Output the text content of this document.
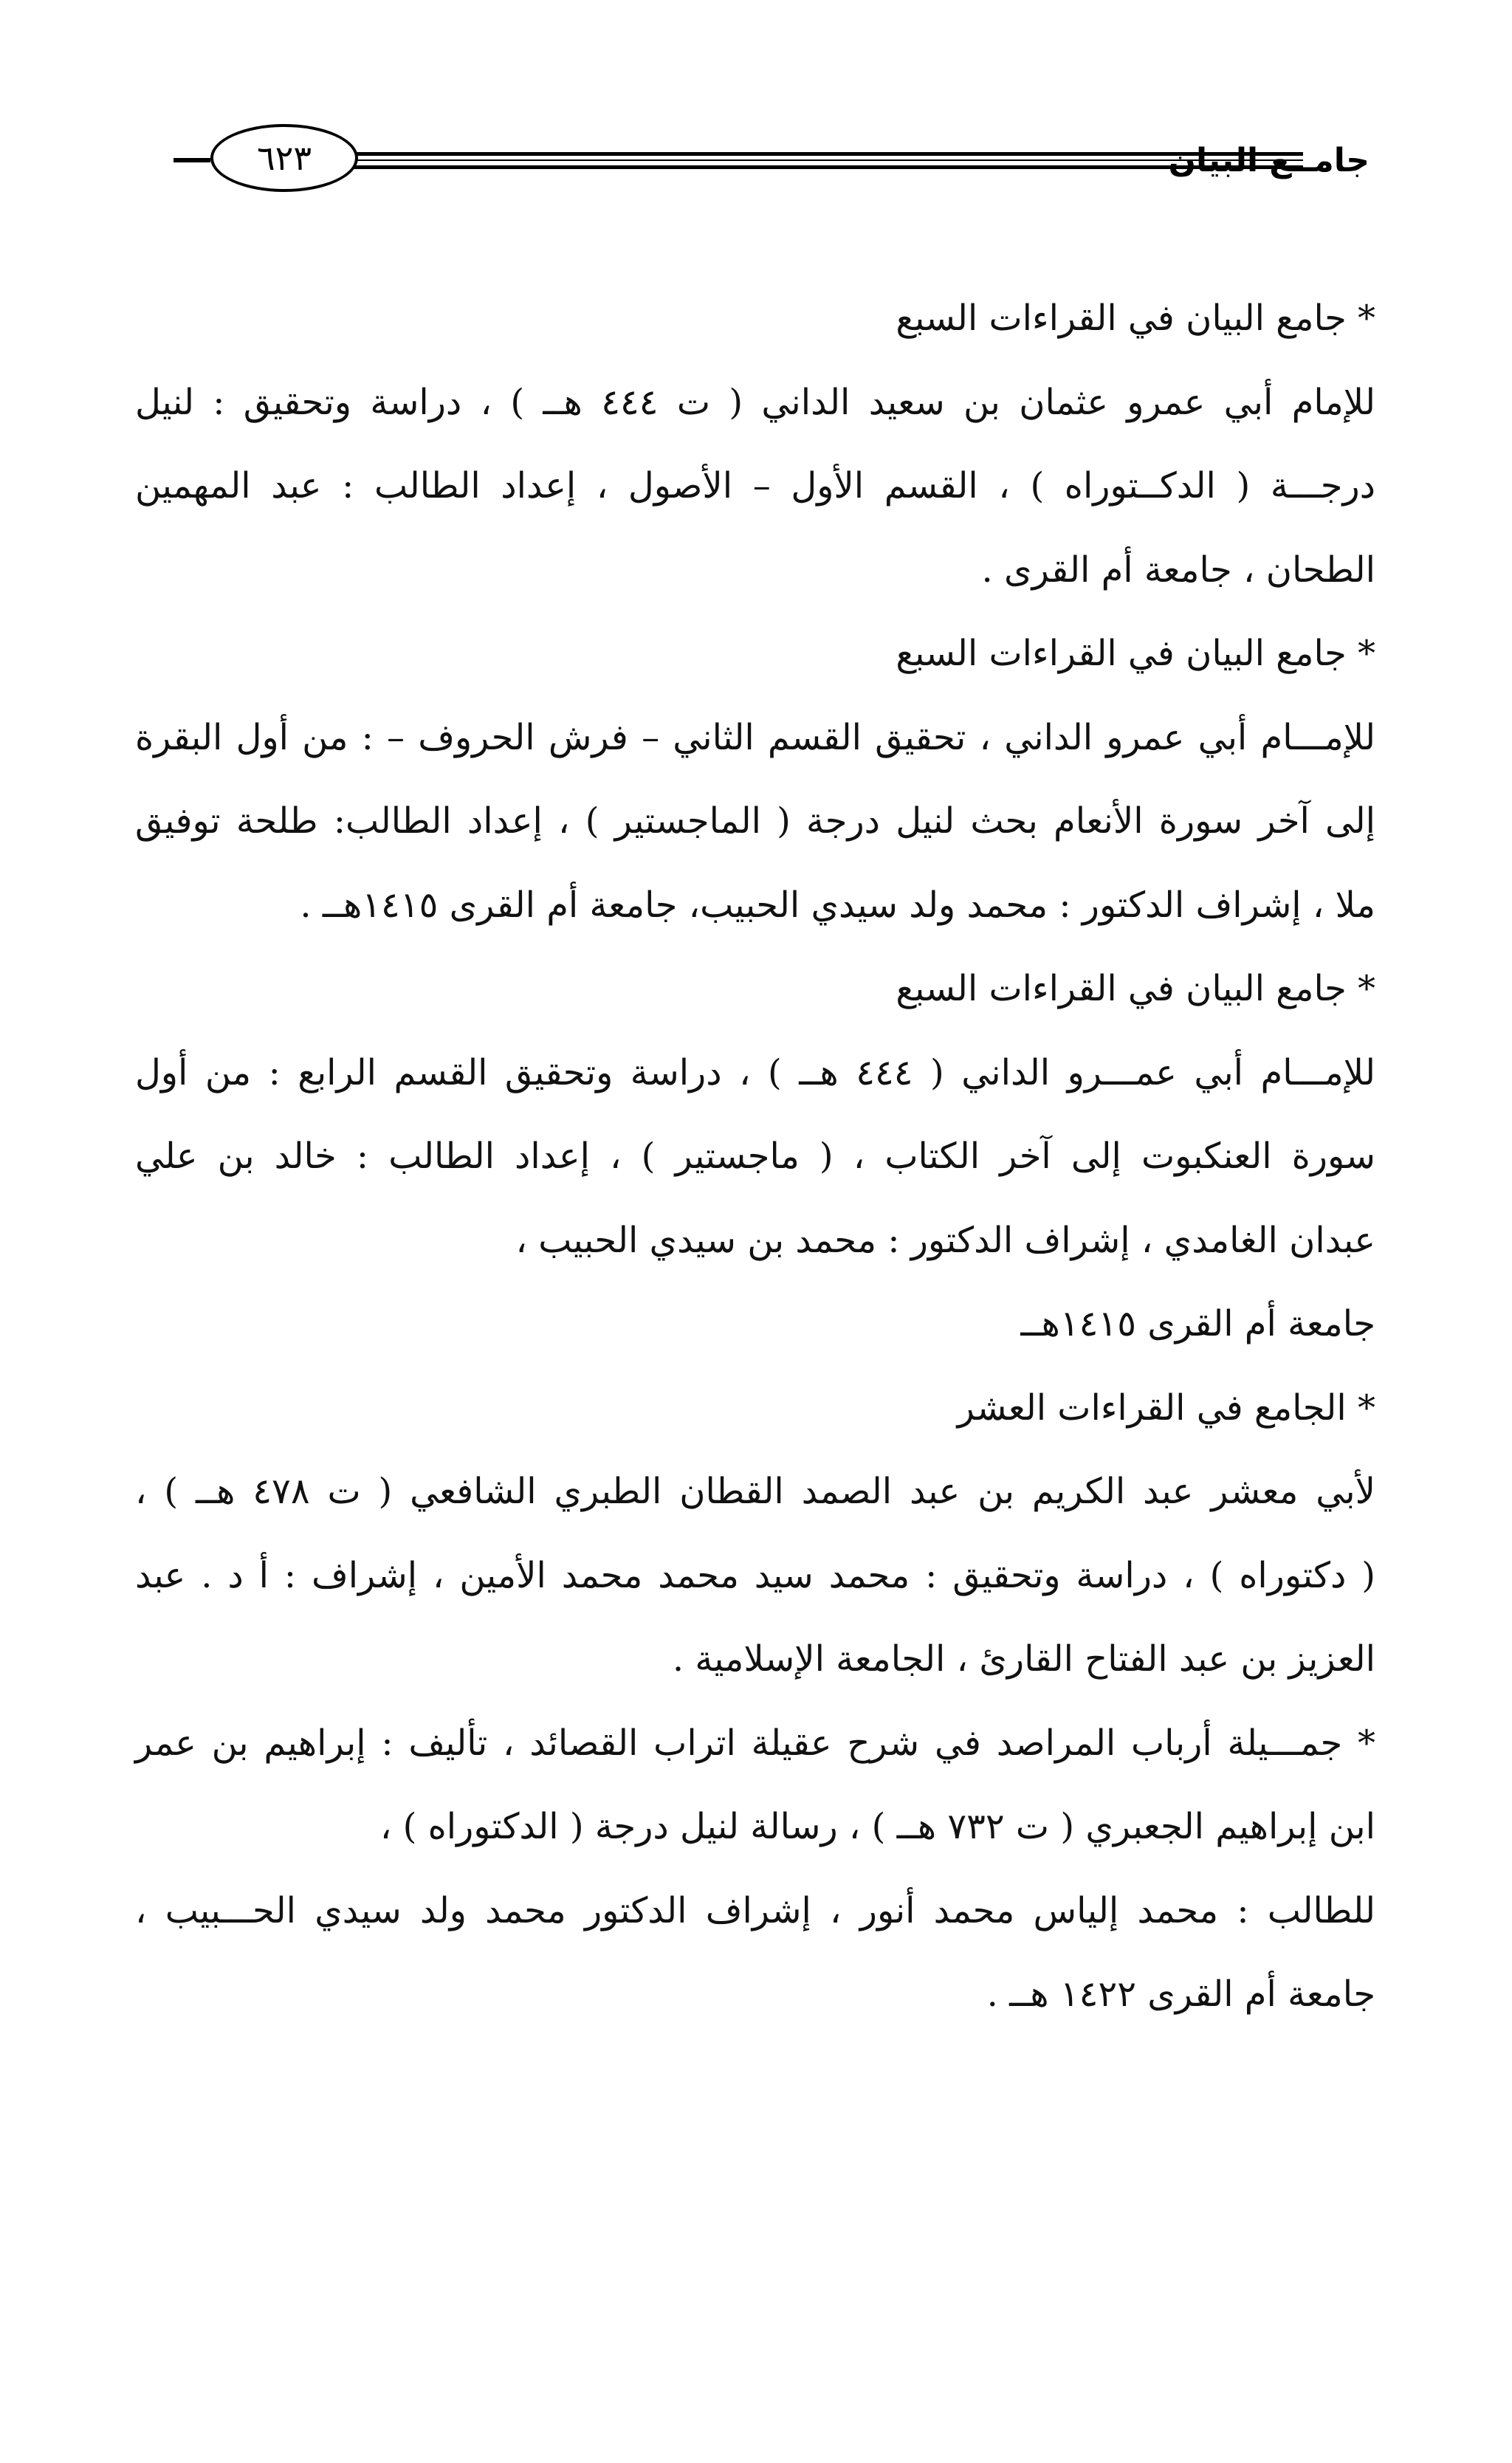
٦٢٣	جامــع البيان
* جامع البيان في القراءات السبع
للإمام أبي عمرو عثمان بن سعيد الداني ( ت ٤٤٤ هــ ) ، دراسة وتحقيق : لنيل
درجـــة ( الدكــتوراه ) ، القسم الأول – الأصول ، إعداد الطالب : عبد المهمين
الطحان ، جامعة أم القرى .
* جامع البيان في القراءات السبع
للإمـــام أبي عمرو الداني ، تحقيق القسم الثاني – فرش الحروف – : من أول البقرة
إلى آخر سورة الأنعام بحث لنيل درجة ( الماجستير ) ، إعداد الطالب: طلحة توفيق
ملا ، إشراف الدكتور : محمد ولد سيدي الحبيب، جامعة أم القرى ١٤١٥هــ .
* جامع البيان في القراءات السبع
للإمـــام أبي عمـــرو الداني ( ٤٤٤ هــ ) ، دراسة وتحقيق القسم الرابع : من أول
سورة العنكبوت إلى آخر الكتاب ، ( ماجستير ) ، إعداد الطالب : خالد بن علي
عبدان الغامدي ، إشراف الدكتور : محمد بن سيدي الحبيب ،
جامعة أم القرى ١٤١٥هــ
* الجامع في القراءات العشر
لأبي معشر عبد الكريم بن عبد الصمد القطان الطبري الشافعي ( ت ٤٧٨ هــ ) ،
( دكتوراه ) ، دراسة وتحقيق : محمد سيد محمد محمد الأمين ، إشراف : أ د . عبد
العزيز بن عبد الفتاح القارئ ، الجامعة الإسلامية .
* جمـــيلة أرباب المراصد في شرح عقيلة اتراب القصائد ، تأليف : إبراهيم بن عمر
ابن إبراهيم الجعبري ( ت ٧٣٢ هــ ) ، رسالة لنيل درجة ( الدكتوراه ) ،
للطالب : محمد إلياس محمد أنور ، إشراف الدكتور محمد ولد سيدي الحـــبيب ،
جامعة أم القرى ١٤٢٢ هــ .
